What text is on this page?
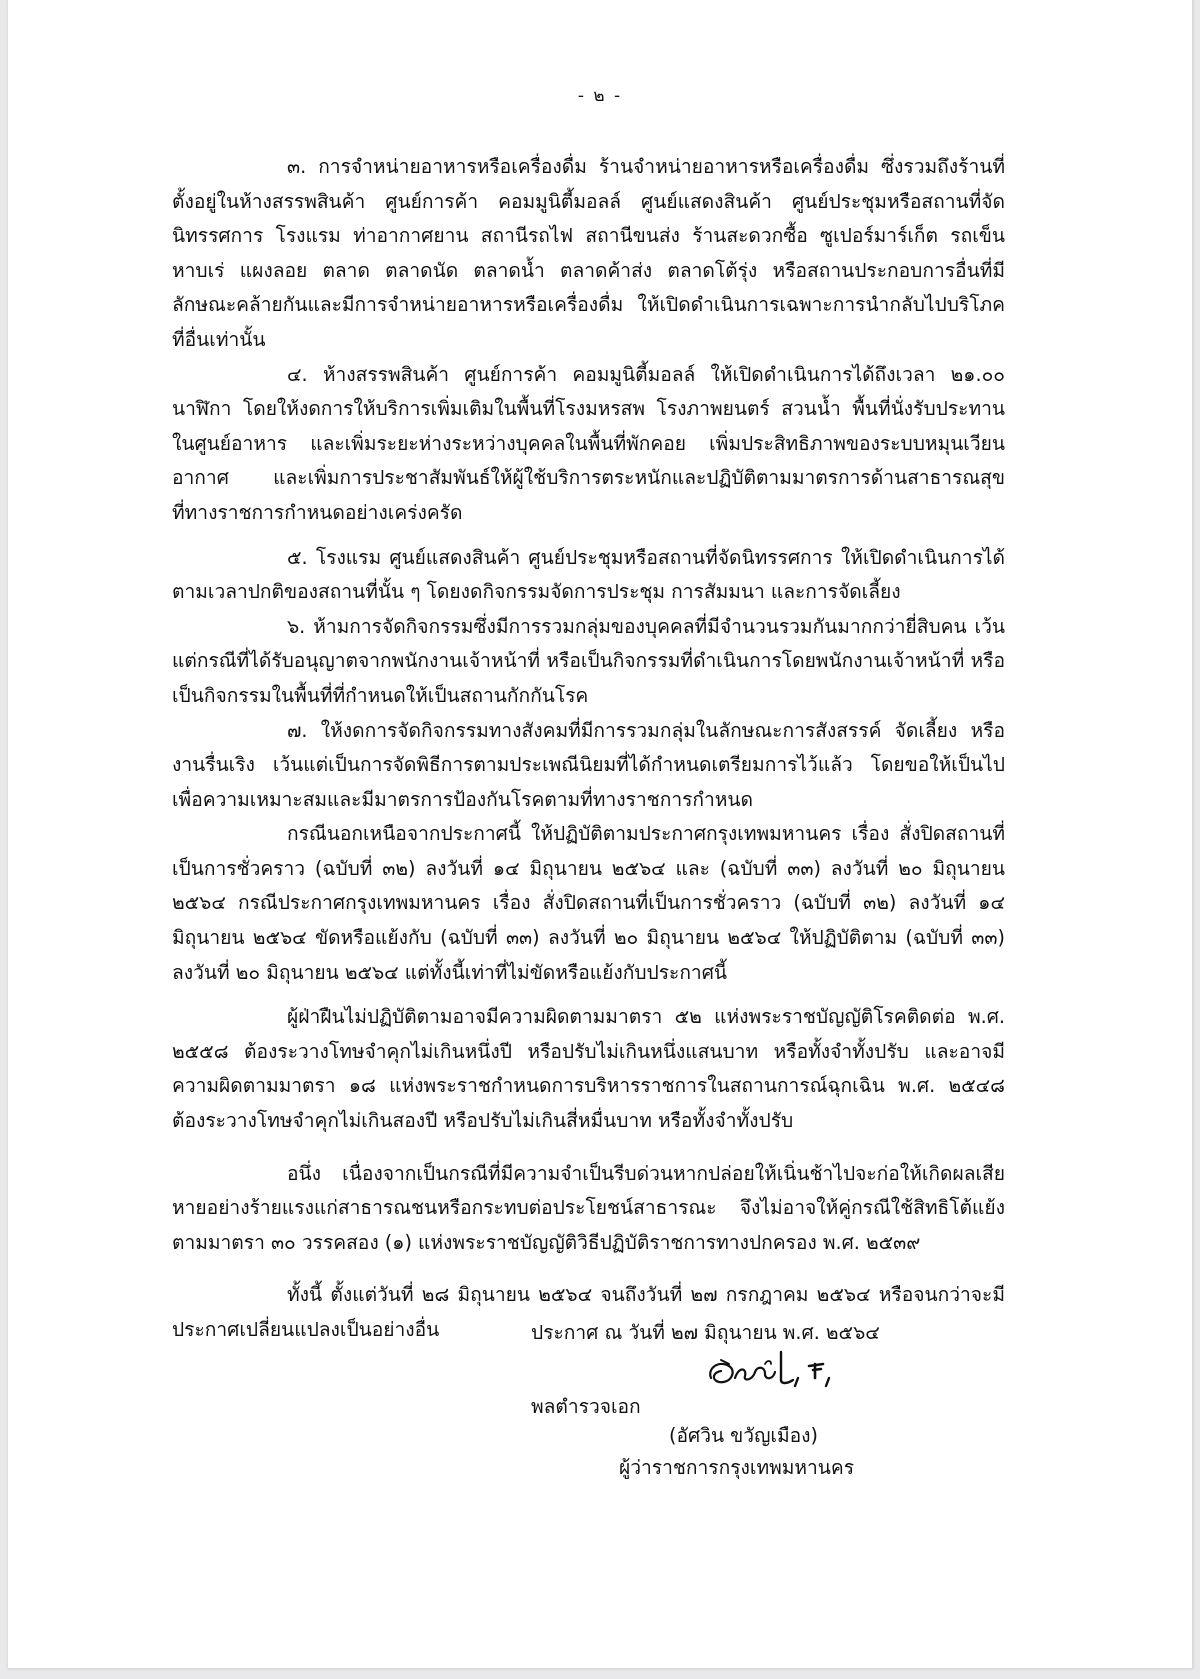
- ๒ -

๓. การจำหน่ายอาหารหรือเครื่องดื่ม ร้านจำหน่ายอาหารหรือเครื่องดื่ม ซึ่งรวมถึงร้านที่ตั้งอยู่ในห้างสรรพสินค้า ศูนย์การค้า คอมมูนิตี้มอลล์ ศูนย์แสดงสินค้า ศูนย์ประชุมหรือสถานที่จัดนิทรรศการ โรงแรม ท่าอากาศยาน สถานีรถไฟ สถานีขนส่ง ร้านสะดวกซื้อ ซูเปอร์มาร์เก็ต รถเข็น หาบเร่ แผงลอย ตลาด ตลาดนัด ตลาดน้ำ ตลาดค้าส่ง ตลาดโต้รุ่ง หรือสถานประกอบการอื่นที่มีลักษณะคล้ายกันและมีการจำหน่ายอาหารหรือเครื่องดื่ม ให้เปิดดำเนินการเฉพาะการนำกลับไปบริโภคที่อื่นเท่านั้น

๔. ห้างสรรพสินค้า ศูนย์การค้า คอมมูนิตี้มอลล์ ให้เปิดดำเนินการได้ถึงเวลา ๒๑.๐๐ นาฬิกา โดยให้งดการให้บริการเพิ่มเติมในพื้นที่โรงมหรสพ โรงภาพยนตร์ สวนน้ำ พื้นที่นั่งรับประทานในศูนย์อาหาร และเพิ่มระยะห่างระหว่างบุคคลในพื้นที่พักคอย เพิ่มประสิทธิภาพของระบบหมุนเวียนอากาศ และเพิ่มการประชาสัมพันธ์ให้ผู้ใช้บริการตระหนักและปฏิบัติตามมาตรการด้านสาธารณสุขที่ทางราชการกำหนดอย่างเคร่งครัด

๕. โรงแรม ศูนย์แสดงสินค้า ศูนย์ประชุมหรือสถานที่จัดนิทรรศการ ให้เปิดดำเนินการได้ตามเวลาปกติของสถานที่นั้น ๆ โดยงดกิจกรรมจัดการประชุม การสัมมนา และการจัดเลี้ยง

๖. ห้ามการจัดกิจกรรมซึ่งมีการรวมกลุ่มของบุคคลที่มีจำนวนรวมกันมากกว่ายี่สิบคน เว้นแต่กรณีที่ได้รับอนุญาตจากพนักงานเจ้าหน้าที่ หรือเป็นกิจกรรมที่ดำเนินการโดยพนักงานเจ้าหน้าที่ หรือเป็นกิจกรรมในพื้นที่ที่กำหนดให้เป็นสถานกักกันโรค

๗. ให้งดการจัดกิจกรรมทางสังคมที่มีการรวมกลุ่มในลักษณะการสังสรรค์ จัดเลี้ยง หรืองานรื่นเริง เว้นแต่เป็นการจัดพิธีการตามประเพณีนิยมที่ได้กำหนดเตรียมการไว้แล้ว โดยขอให้เป็นไปเพื่อความเหมาะสมและมีมาตรการป้องกันโรคตามที่ทางราชการกำหนด

กรณีนอกเหนือจากประกาศนี้ ให้ปฏิบัติตามประกาศกรุงเทพมหานคร เรื่อง สั่งปิดสถานที่เป็นการชั่วคราว (ฉบับที่ ๓๒) ลงวันที่ ๑๔ มิถุนายน ๒๕๖๔ และ (ฉบับที่ ๓๓) ลงวันที่ ๒๐ มิถุนายน ๒๕๖๔ กรณีประกาศกรุงเทพมหานคร เรื่อง สั่งปิดสถานที่เป็นการชั่วคราว (ฉบับที่ ๓๒) ลงวันที่ ๑๔ มิถุนายน ๒๕๖๔ ขัดหรือแย้งกับ (ฉบับที่ ๓๓) ลงวันที่ ๒๐ มิถุนายน ๒๕๖๔ ให้ปฏิบัติตาม (ฉบับที่ ๓๓) ลงวันที่ ๒๐ มิถุนายน ๒๕๖๔ แต่ทั้งนี้เท่าที่ไม่ขัดหรือแย้งกับประกาศนี้

ผู้ฝ่าฝืนไม่ปฏิบัติตามอาจมีความผิดตามมาตรา ๕๒ แห่งพระราชบัญญัติโรคติดต่อ พ.ศ. ๒๕๕๘ ต้องระวางโทษจำคุกไม่เกินหนึ่งปี หรือปรับไม่เกินหนึ่งแสนบาท หรือทั้งจำทั้งปรับ และอาจมีความผิดตามมาตรา ๑๘ แห่งพระราชกำหนดการบริหารราชการในสถานการณ์ฉุกเฉิน พ.ศ. ๒๕๔๘ ต้องระวางโทษจำคุกไม่เกินสองปี หรือปรับไม่เกินสี่หมื่นบาท หรือทั้งจำทั้งปรับ

อนึ่ง เนื่องจากเป็นกรณีที่มีความจำเป็นรีบด่วนหากปล่อยให้เนิ่นช้าไปจะก่อให้เกิดผลเสียหายอย่างร้ายแรงแก่สาธารณชนหรือกระทบต่อประโยชน์สาธารณะ จึงไม่อาจให้คู่กรณีใช้สิทธิโต้แย้ง ตามมาตรา ๓๐ วรรคสอง (๑) แห่งพระราชบัญญัติวิธีปฏิบัติราชการทางปกครอง พ.ศ. ๒๕๓๙

ทั้งนี้ ตั้งแต่วันที่ ๒๘ มิถุนายน ๒๕๖๔ จนถึงวันที่ ๒๗ กรกฎาคม ๒๕๖๔ หรือจนกว่าจะมีประกาศเปลี่ยนแปลงเป็นอย่างอื่น	ประกาศ ณ วันที่ ๒๗ มิถุนายน พ.ศ. ๒๕๖๔
พลตำรวจเอก
(อัศวิน ขวัญเมือง)
ผู้ว่าราชการกรุงเทพมหานคร
